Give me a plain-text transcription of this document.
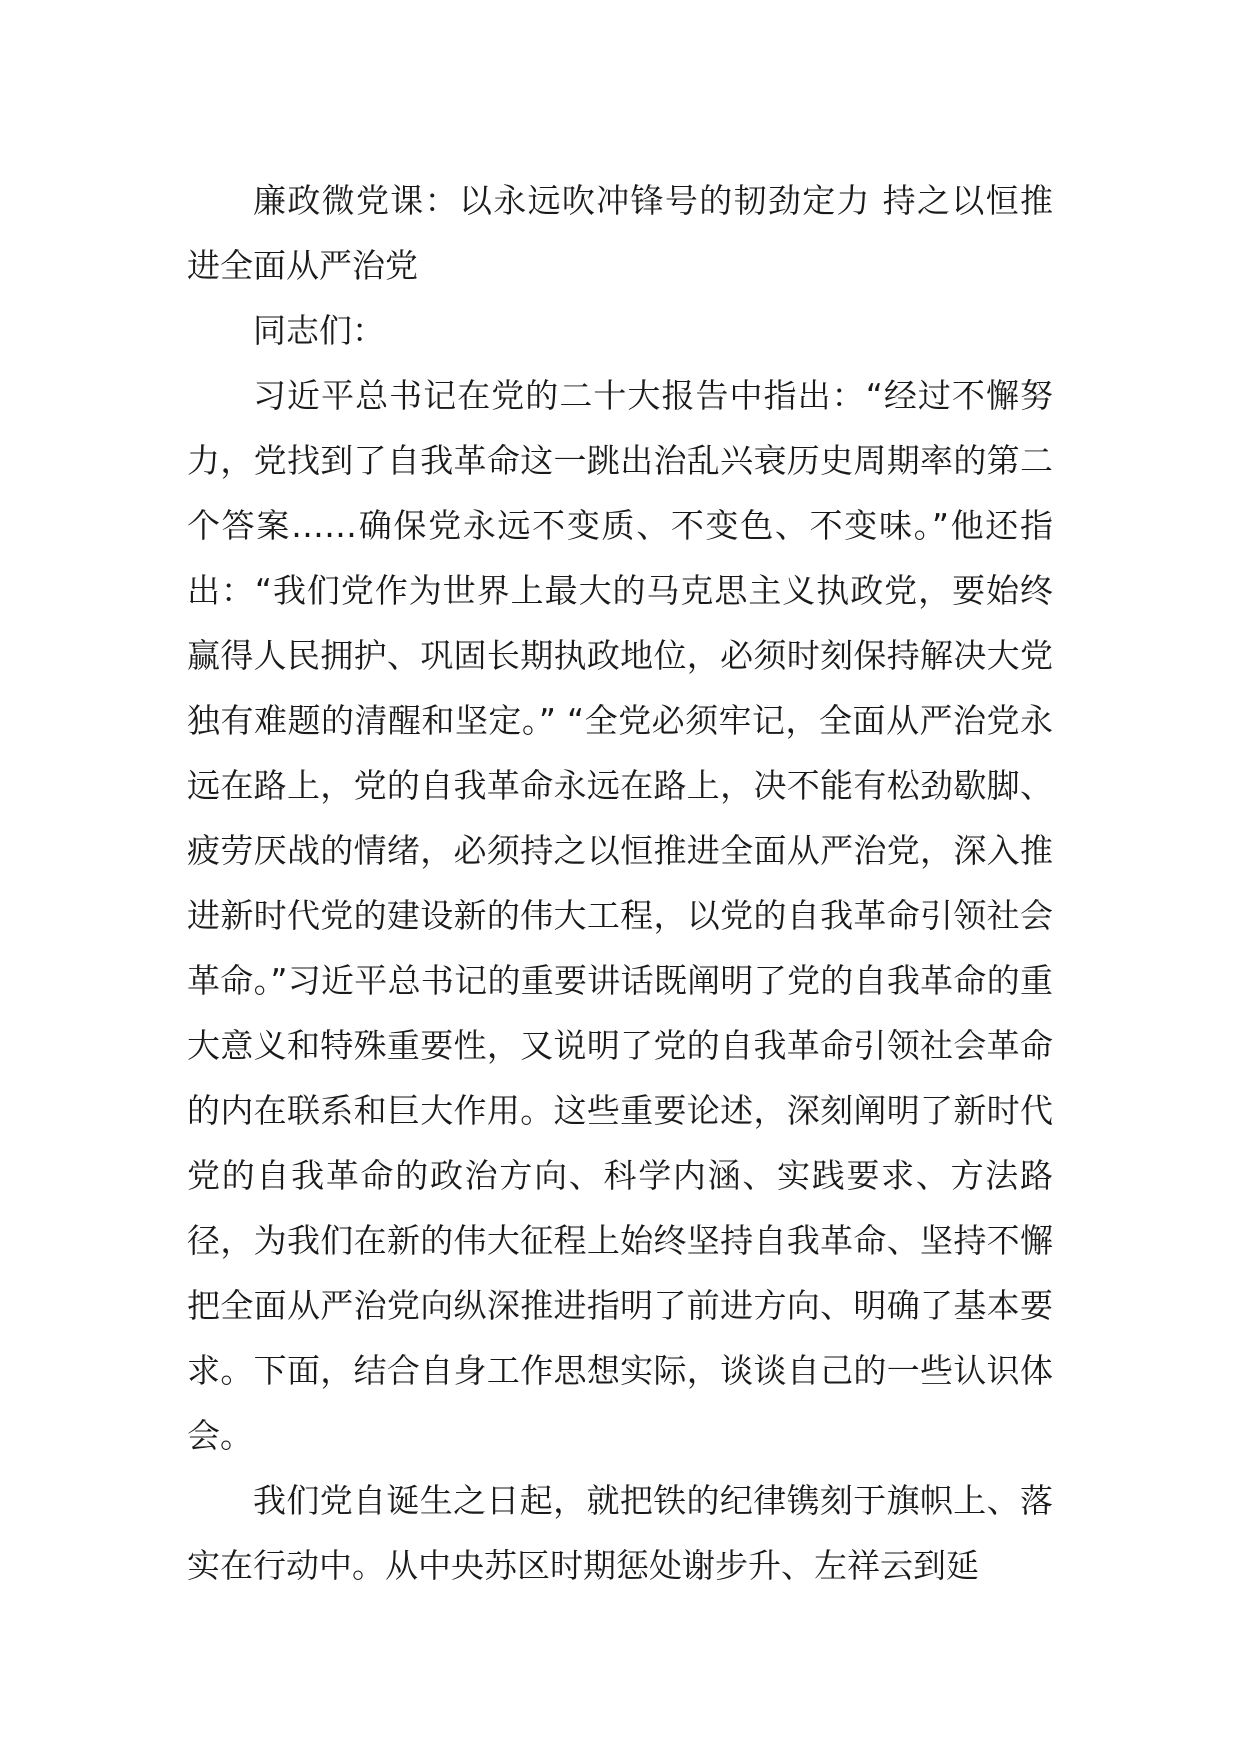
廉政微党课：以永远吹冲锋号的韧劲定力 持之以恒推进全面从严治党

同志们：

习近平总书记在党的二十大报告中指出：“经过不懈努力，党找到了自我革命这一跳出治乱兴衰历史周期率的第二个答案……确保党永远不变质、不变色、不变味。”他还指出：“我们党作为世界上最大的马克思主义执政党，要始终赢得人民拥护、巩固长期执政地位，必须时刻保持解决大党独有难题的清醒和坚定。” “全党必须牢记，全面从严治党永远在路上，党的自我革命永远在路上，决不能有松劲歇脚、疲劳厌战的情绪，必须持之以恒推进全面从严治党，深入推进新时代党的建设新的伟大工程，以党的自我革命引领社会革命。”习近平总书记的重要讲话既阐明了党的自我革命的重大意义和特殊重要性，又说明了党的自我革命引领社会革命的内在联系和巨大作用。这些重要论述，深刻阐明了新时代党的自我革命的政治方向、科学内涵、实践要求、方法路径，为我们在新的伟大征程上始终坚持自我革命、坚持不懈把全面从严治党向纵深推进指明了前进方向、明确了基本要求。下面，结合自身工作思想实际，谈谈自己的一些认识体会。

我们党自诞生之日起，就把铁的纪律镌刻于旗帜上、落实在行动中。从中央苏区时期惩处谢步升、左祥云到延
